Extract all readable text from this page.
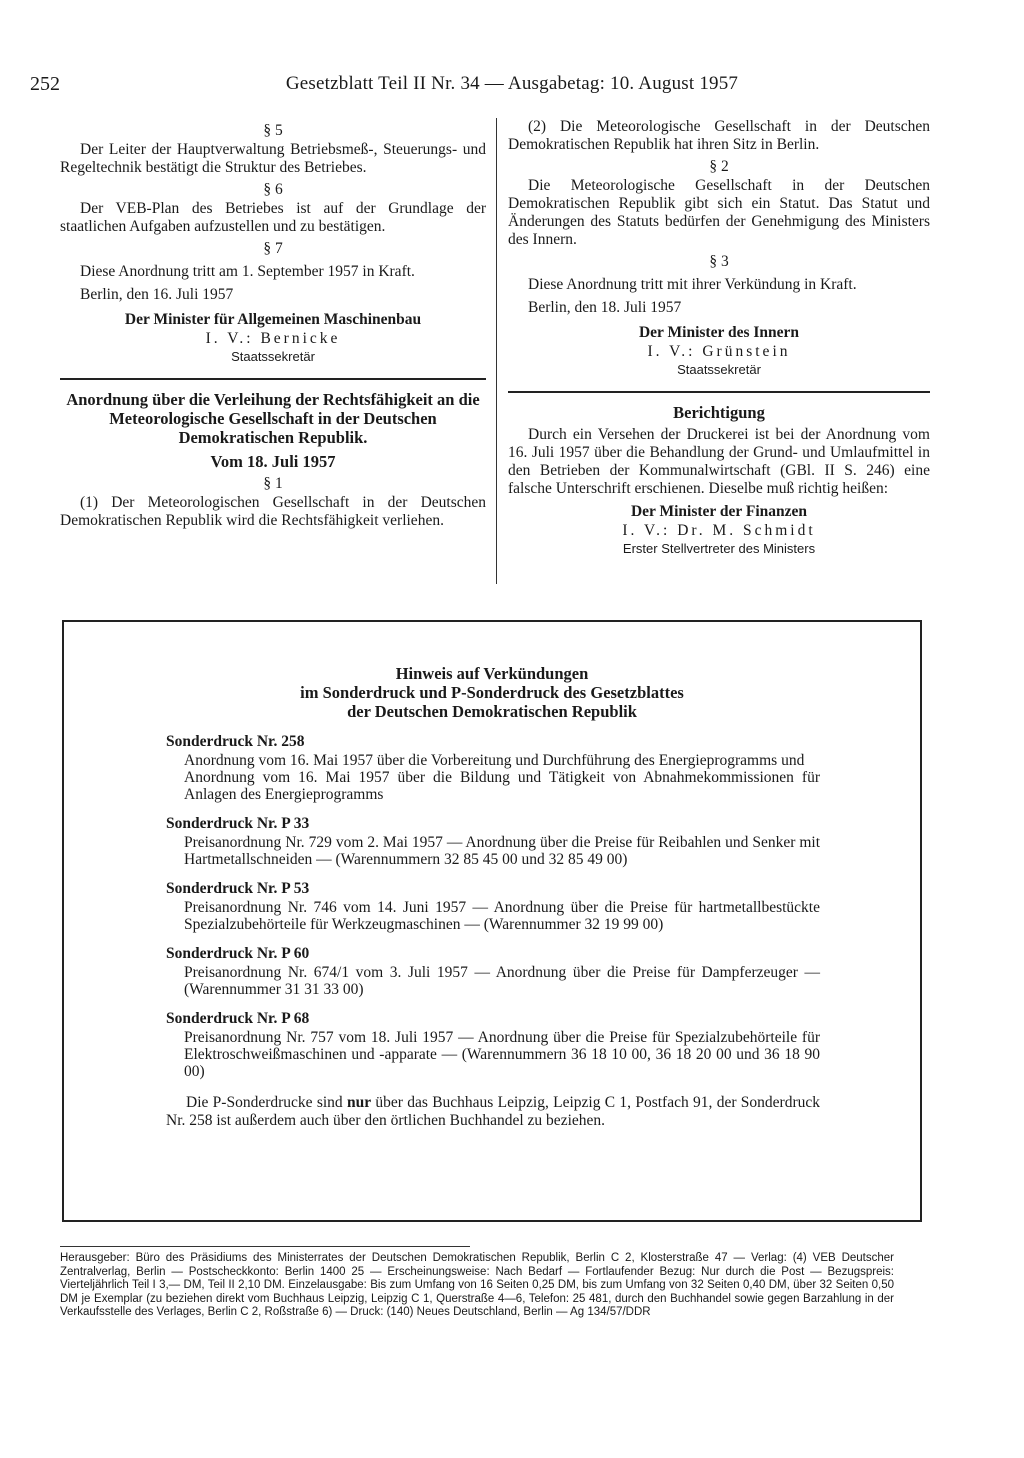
252	Gesetzblatt Teil II Nr. 34 — Ausgabetag: 10. August 1957
§ 5

Der Leiter der Hauptverwaltung Betriebsmeß-, Steuerungs- und Regeltechnik bestätigt die Struktur des Betriebes.

§ 6

Der VEB-Plan des Betriebes ist auf der Grundlage der staatlichen Aufgaben aufzustellen und zu bestätigen.

§ 7

Diese Anordnung tritt am 1. September 1957 in Kraft.

Berlin, den 16. Juli 1957

Der Minister für Allgemeinen Maschinenbau
I. V.: Bernicke
Staatssekretär
Anordnung über die Verleihung der Rechtsfähigkeit an die Meteorologische Gesellschaft in der Deutschen Demokratischen Republik.
Vom 18. Juli 1957
§ 1

(1) Der Meteorologischen Gesellschaft in der Deutschen Demokratischen Republik wird die Rechtsfähigkeit verliehen.

(2) Die Meteorologische Gesellschaft in der Deutschen Demokratischen Republik hat ihren Sitz in Berlin.

§ 2

Die Meteorologische Gesellschaft in der Deutschen Demokratischen Republik gibt sich ein Statut. Das Statut und Änderungen des Statuts bedürfen der Genehmigung des Ministers des Innern.

§ 3

Diese Anordnung tritt mit ihrer Verkündung in Kraft.

Berlin, den 18. Juli 1957

Der Minister des Innern
I. V.: Grünstein
Staatssekretär
Berichtigung

Durch ein Versehen der Druckerei ist bei der Anordnung vom 16. Juli 1957 über die Behandlung der Grund- und Umlaufmittel in den Betrieben der Kommunalwirtschaft (GBl. II S. 246) eine falsche Unterschrift erschienen. Dieselbe muß richtig heißen:

Der Minister der Finanzen
I. V.: Dr. M. Schmidt
Erster Stellvertreter des Ministers
Hinweis auf Verkündungen
im Sonderdruck und P-Sonderdruck des Gesetzblattes
der Deutschen Demokratischen Republik
Sonderdruck Nr. 258
Anordnung vom 16. Mai 1957 über die Vorbereitung und Durchführung des Energieprogramms und
Anordnung vom 16. Mai 1957 über die Bildung und Tätigkeit von Abnahmekommissionen für Anlagen des Energieprogramms
Sonderdruck Nr. P 33
Preisanordnung Nr. 729 vom 2. Mai 1957 — Anordnung über die Preise für Reibahlen und Senker mit Hartmetallschneiden — (Warennummern 32 85 45 00 und 32 85 49 00)
Sonderdruck Nr. P 53
Preisanordnung Nr. 746 vom 14. Juni 1957 — Anordnung über die Preise für hartmetallbestückte Spezialzubehörteile für Werkzeugmaschinen — (Warennummer 32 19 99 00)
Sonderdruck Nr. P 60
Preisanordnung Nr. 674/1 vom 3. Juli 1957 — Anordnung über die Preise für Dampferzeuger — (Warennummer 31 31 33 00)
Sonderdruck Nr. P 68
Preisanordnung Nr. 757 vom 18. Juli 1957 — Anordnung über die Preise für Spezialzubehörteile für Elektroschweißmaschinen und -apparate — (Warennummern 36 18 10 00, 36 18 20 00 und 36 18 90 00)
Die P-Sonderdrucke sind nur über das Buchhaus Leipzig, Leipzig C 1, Postfach 91, der Sonderdruck Nr. 258 ist außerdem auch über den örtlichen Buchhandel zu beziehen.
Herausgeber: Büro des Präsidiums des Ministerrates der Deutschen Demokratischen Republik, Berlin C 2, Klosterstraße 47 — Verlag: (4) VEB Deutscher Zentralverlag, Berlin — Postscheckkonto: Berlin 1400 25 — Erscheinungsweise: Nach Bedarf — Fortlaufender Bezug: Nur durch die Post — Bezugspreis: Vierteljährlich Teil I 3,— DM, Teil II 2,10 DM. Einzelausgabe: Bis zum Umfang von 16 Seiten 0,25 DM, bis zum Umfang von 32 Seiten 0,40 DM, über 32 Seiten 0,50 DM je Exemplar (zu beziehen direkt vom Buchhaus Leipzig, Leipzig C 1, Querstraße 4—6, Telefon: 25 481, durch den Buchhandel sowie gegen Barzahlung in der Verkaufsstelle des Verlages, Berlin C 2, Roßstraße 6) — Druck: (140) Neues Deutschland, Berlin — Ag 134/57/DDR
